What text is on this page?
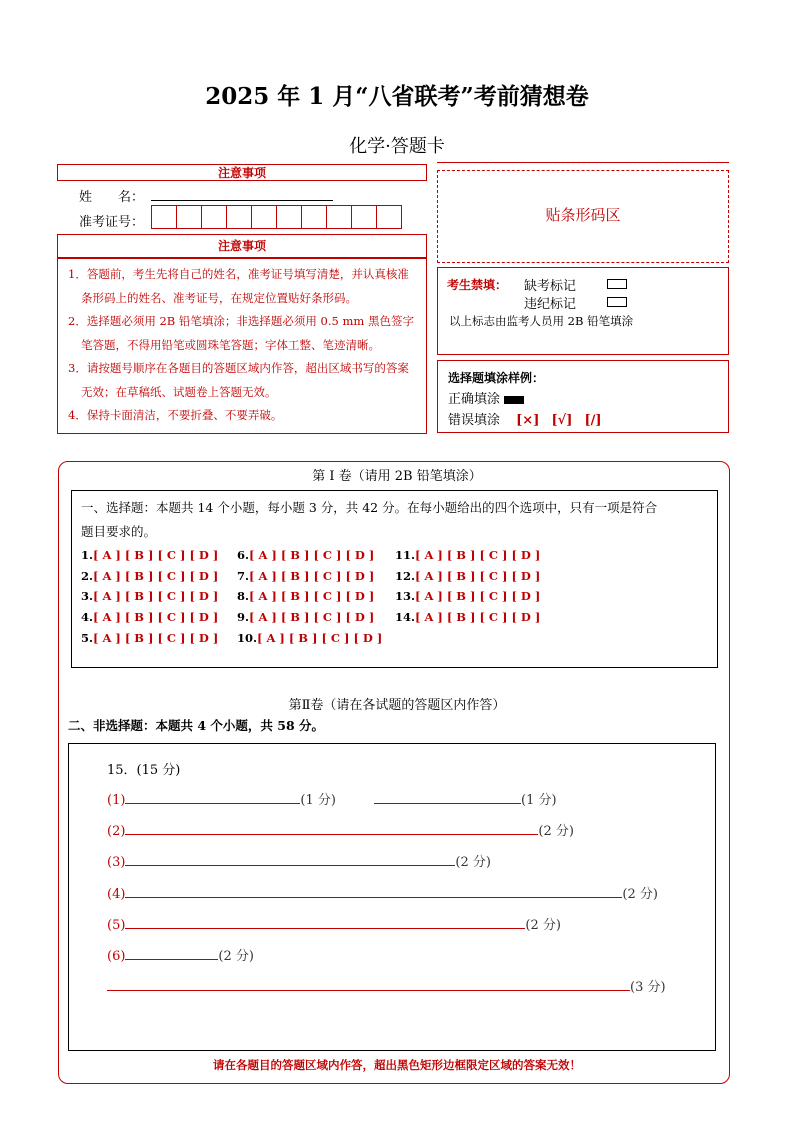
2025 年 1 月“八省联考”考前猜想卷
化学·答题卡
注意事项
姓　　名：
准考证号：
注意事项
1．答题前，考生先将自己的姓名，准考证号填写清楚，并认真核准条形码上的姓名、准考证号，在规定位置贴好条形码。
2．选择题必须用 2B 铅笔填涂；非选择题必须用 0.5 mm 黑色签字笔答题，不得用铅笔或圆珠笔答题；字体工整、笔迹清晰。
3．请按题号顺序在各题目的答题区域内作答，超出区域书写的答案无效；在草稿纸、试题卷上答题无效。
4．保持卡面清洁，不要折叠、不要弄破。
贴条形码区
考生禁填： 缺考标记
违纪标记
以上标志由监考人员用 2B 铅笔填涂
选择题填涂样例：
正确填涂
错误填涂 [×] [√] [/]
第 I 卷（请用 2B 铅笔填涂）
一、选择题：本题共 14 个小题，每小题 3 分，共 42 分。在每小题给出的四个选项中，只有一项是符合
题目要求的。
1.[ A ] [ B ] [ C ] [ D ] 6.[ A ] [ B ] [ C ] [ D ] 11.[ A ] [ B ] [ C ] [ D ]
2.[ A ] [ B ] [ C ] [ D ] 7.[ A ] [ B ] [ C ] [ D ] 12.[ A ] [ B ] [ C ] [ D ]
3.[ A ] [ B ] [ C ] [ D ] 8.[ A ] [ B ] [ C ] [ D ] 13.[ A ] [ B ] [ C ] [ D ]
4.[ A ] [ B ] [ C ] [ D ] 9.[ A ] [ B ] [ C ] [ D ] 14.[ A ] [ B ] [ C ] [ D ]
5.[ A ] [ B ] [ C ] [ D ] 10.[ A ] [ B ] [ C ] [ D ]
第Ⅱ卷（请在各试题的答题区内作答）
二、非选择题：本题共 4 个小题，共 58 分。
15．(15 分)
(1)	(1 分)	(1 分)
(2)	(2 分)
(3)	(2 分)
(4)	(2 分)
(5)	(2 分)
(6)	(2 分)
(3 分)
请在各题目的答题区域内作答，超出黑色矩形边框限定区域的答案无效！
